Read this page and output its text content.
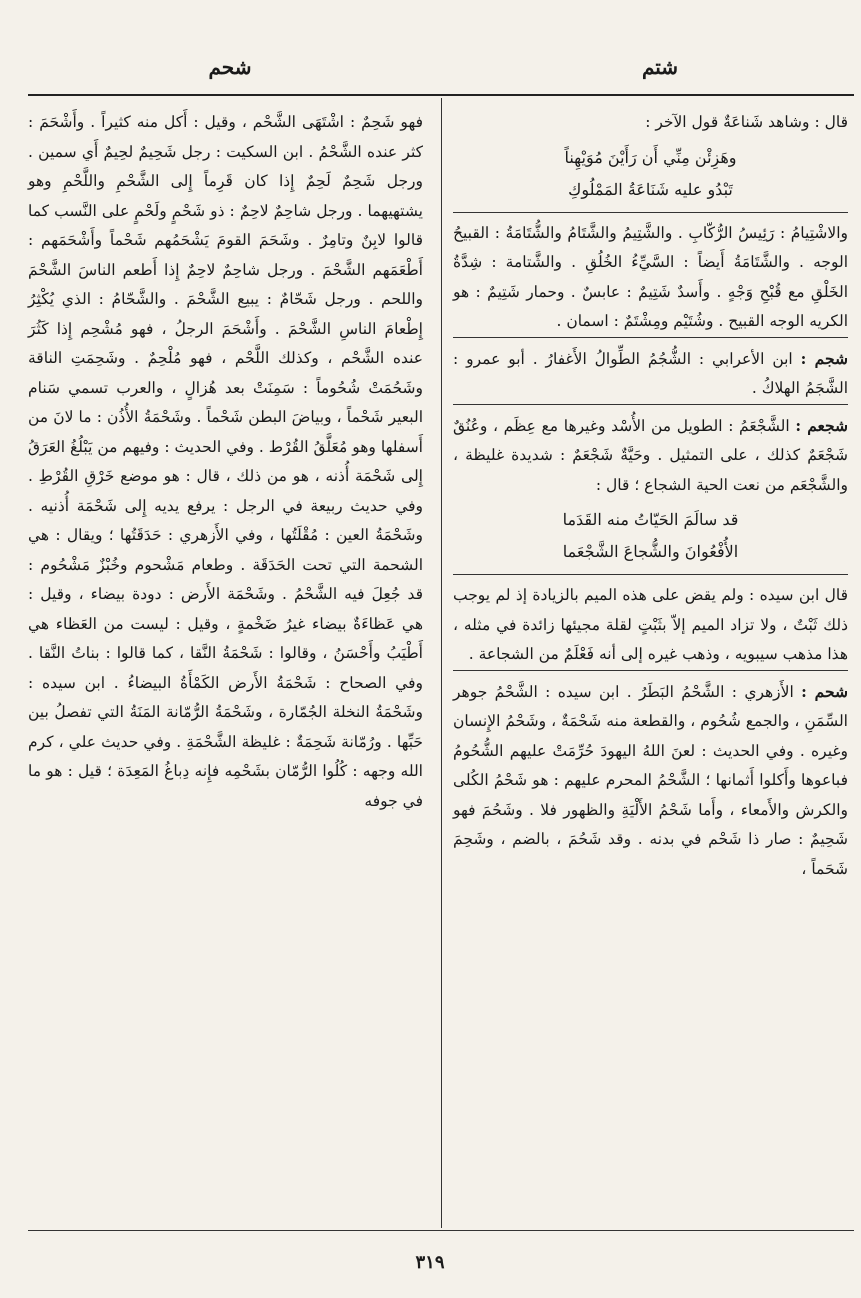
شتم
شحم

قال : وشاهد شَناعَةٌ قول الآخر :

وهَزِئْن مِنِّي أَن رَأَيْنَ مُوَيْهِناً
تَبْدُو عليه شَنَاعَةُ المَمْلُوكِ

والاشْتِيامُ : رَئِيسُ الرُّكّابِ . والشَّتِيمُ والشَّتَامُ والشُّتَامَةُ : القبيحُ الوجه . والشَّتَامَةُ أَيضاً : السَّيِّءُ الخُلُقِ . والشَّتامة : شِدَّةُ الخَلْقِ مع قُبْحِ وَجْهٍ . وأَسدٌ شَتِيمٌ : عابسٌ . وحمار شَتِيمٌ : هو الكريه الوجه القبيح . وشُتَيْم ومِشْتَمٌ : اسمان .

شجم : ابن الأعرابي : الشُّجُمُ الطِّوالُ الأَغفارُ . أبو عمرو : الشَّجَمُ الهلاكُ .

شجعم : الشَّجْعَمُ : الطويل من الأُسْد وغيرها مع عِظَم ، وعُنُقٌ شَجْعَمٌ كذلك ، على التمثيل . وحَيَّةٌ شَجْعَمٌ : شديدة غليظة ، والشَّجْعَم من نعت الحية الشجاع ؛ قال :

قد سالَمَ الحَيّاتُ منه القَدَما
الأُفْعُوانَ والشُّجاعَ الشَّجْعَما

قال ابن سيده : ولم يقض على هذه الميم بالزيادة إذ لم يوجب ذلك ثَبْتٌ ، ولا تزاد الميم إلاّ بثَبْتٍ لقلة مجيئها زائدة في مثله ، هذا مذهب سيبويه ، وذهب غيره إلى أنه فَعْلَمٌ من الشجاعة .

شحم : الأَزهري : الشَّحْمُ البَطَرُ . ابن سيده : الشَّحْمُ جوهر السِّمَنِ ، والجمع شُحُوم ، والقطعة منه شَحْمَةٌ ، وشَحْمُ الإِنسان وغيره . وفي الحديث : لعنَ اللهُ اليهودَ حُرِّمَتْ عليهم الشُّحُومُ فباعوها وأَكلوا أَثمانها ؛ الشَّحْمُ المحرم عليهم : هو شَحْمُ الكُلى والكرش والأَمعاء ، وأَما شَحْمُ الأَلْيَةِ والظهور فلا . وشَحُمَ فهو شَحِيمٌ : صار ذا شَحْم في بدنه . وقد شَحُمَ ، بالضم ، وشَحِمَ شَحَماً ،

فهو شَحِمٌ : اشْتَهَى الشَّحْم ، وقيل : أَكل منه كثيراً . وأَشْحَمَ : كثر عنده الشَّحْمُ . ابن السكيت : رجل شَحِيمٌ لحِيمٌ أَي سمين . ورجل شَحِمٌ لَحِمٌ إِذا كان قَرِماً إِلى الشَّحْمِ واللَّحْمِ وهو يشتهيهما . ورجل شاحِمٌ لاحِمٌ : ذو شَحْمٍ ولَحْمٍ على النَّسب كما قالوا لابِنٌ وتامِرٌ . وشَحَمَ القومَ يَشْحَمُهم شَحْماً وأَشْحَمَهم : أَطْعَمَهم الشَّحْمَ . ورجل شاحِمٌ لاحِمٌ إِذا أَطعم الناسَ الشَّحْمَ واللحم . ورجل شَحّامٌ : يبيع الشَّحْمَ . والشَّحّامُ : الذي يُكْثِرُ إِطْعامَ الناسِ الشَّحْمَ . وأَشْحَمَ الرجلُ ، فهو مُشْحِم إِذا كَثُرَ عنده الشَّحْم ، وكذلك اللَّحْم ، فهو مُلْحِمٌ . وشَحِمَتِ الناقة وشَحُمَتْ شُحُوماً : سَمِنَتْ بعد هُزالٍ ، والعرب تسمي سَنام البعير شَحْماً ، وبياضَ البطن شَحْماً . وشَحْمَةُ الأُذُن : ما لانَ من أَسفلها وهو مُعَلَّقُ القُرْط . وفي الحديث : وفيهم من يَبْلُغُ العَرَقُ إِلى شَحْمَة أُذنه ، هو من ذلك ، قال : هو موضع خَرْقِ القُرْطِ . وفي حديث ربيعة في الرجل : يرفع يديه إِلى شَحْمَة أُذنيه . وشَحْمَةُ العين : مُقْلَتُها ، وفي الأَزهري : حَدَقَتُها ؛ ويقال : هي الشحمة التي تحت الحَدَقَة . وطعام مَشْحوم وخُبْزٌ مَشْحُوم : قد جُعِلَ فيه الشَّحْمُ . وشَحْمَة الأَرض : دودة بيضاء ، وقيل : هي عَظاءَةٌ بيضاء غيرُ ضَخْمةٍ ، وقيل : ليست من العَظاء هي أَطْيَبُ وأَحْسَنُ ، وقالوا : شَحْمَةُ النَّقا ، كما قالوا : بناتُ النَّقا . وفي الصحاح : شَحْمَةُ الأَرض الكَمْأَةُ البيضاءُ . ابن سيده : وشَحْمَةُ النخلة الجُمّارة ، وشَحْمَةُ الرُّمّانة المَنَةُ التي تفصلُ بين حَبِّها . ورُمّانة شَحِمَةٌ : غليظة الشَّحْمَةِ . وفي حديث علي ، كرم الله وجهه : كُلُوا الرُّمّان بشَحْمِه فإِنه دِباغُ المَعِدَة ؛ قيل : هو ما في جوفه

٣١٩
